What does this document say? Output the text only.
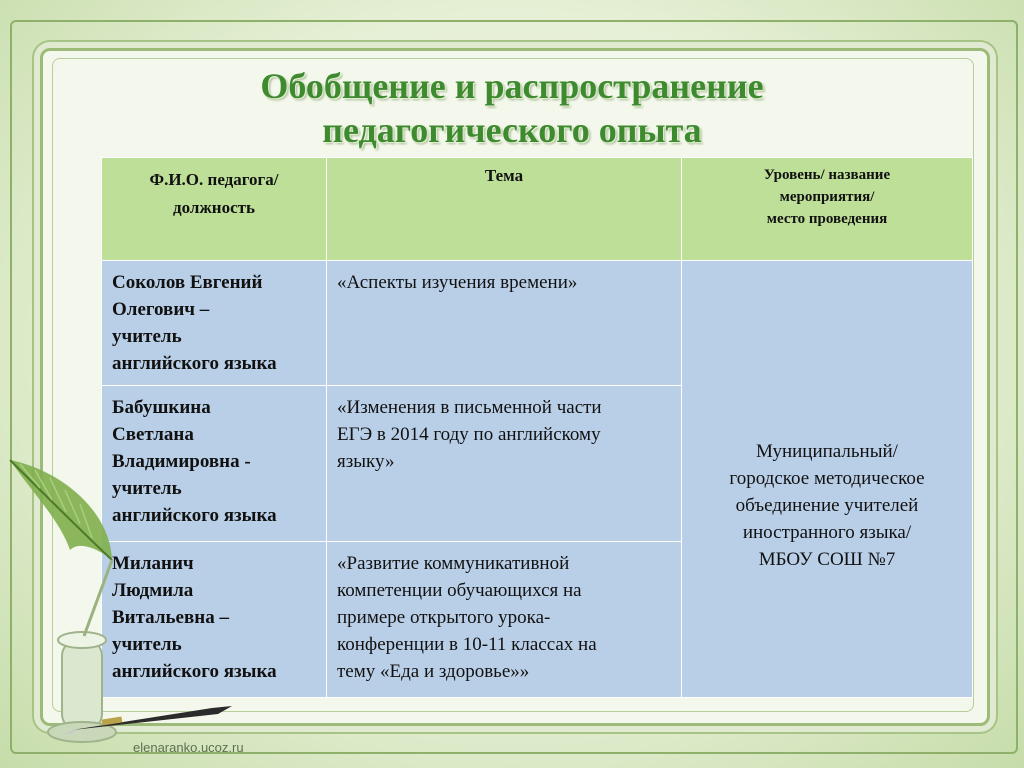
Обобщение и распространение
педагогического опыта
Ф.И.О. педагога/
должность	Тема	Уровень/ название
мероприятия/
место проведения
Соколов Евгений
Олегович –
учитель
английского языка	«Аспекты изучения времени»	Муниципальный/
городское методическое
объединение учителей
иностранного языка/
МБОУ СОШ №7
Бабушкина
Светлана
Владимировна -
учитель
английского языка	«Изменения в письменной части
ЕГЭ в 2014 году по английскому
языку»	
Миланич
Людмила
Витальевна –
учитель
английского языка	«Развитие коммуникативной
компетенции обучающихся на
примере открытого урока-
конференции в 10-11 классах на
тему «Еда и здоровье»»	
elenaranko.ucoz.ru
